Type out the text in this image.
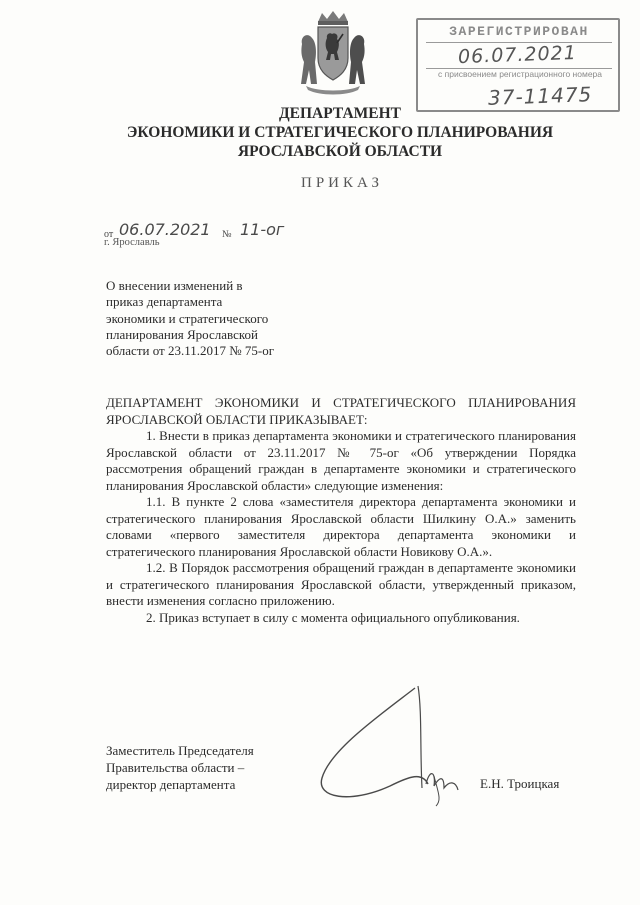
ЗАРЕГИСТРИРОВАН
06.07.2021
с присвоением регистрационного номера
37-11475
ДЕПАРТАМЕНТ
ЭКОНОМИКИ И СТРАТЕГИЧЕСКОГО ПЛАНИРОВАНИЯ
ЯРОСЛАВСКОЙ ОБЛАСТИ
ПРИКАЗ
от 06.07.2021 № 11-ог
г. Ярославль
О внесении изменений в
приказ департамента
экономики и стратегического
планирования Ярославской
области от 23.11.2017 № 75-ог

ДЕПАРТАМЕНТ ЭКОНОМИКИ И СТРАТЕГИЧЕСКОГО ПЛАНИРОВАНИЯ ЯРОСЛАВСКОЙ ОБЛАСТИ ПРИКАЗЫВАЕТ:

1. Внести в приказ департамента экономики и стратегического планирования Ярославской области от 23.11.2017 № 75-ог «Об утверждении Порядка рассмотрения обращений граждан в департаменте экономики и стратегического планирования Ярославской области» следующие изменения:

1.1. В пункте 2 слова «заместителя директора департамента экономики и стратегического планирования Ярославской области Шилкину О.А.» заменить словами «первого заместителя директора департамента экономики и стратегического планирования Ярославской области Новикову О.А.».

1.2. В Порядок рассмотрения обращений граждан в департаменте экономики и стратегического планирования Ярославской области, утвержденный приказом, внести изменения согласно приложению.

2. Приказ вступает в силу с момента официального опубликования.

Заместитель Председателя
Правительства области –
директор департамента	Е.Н. Троицкая
